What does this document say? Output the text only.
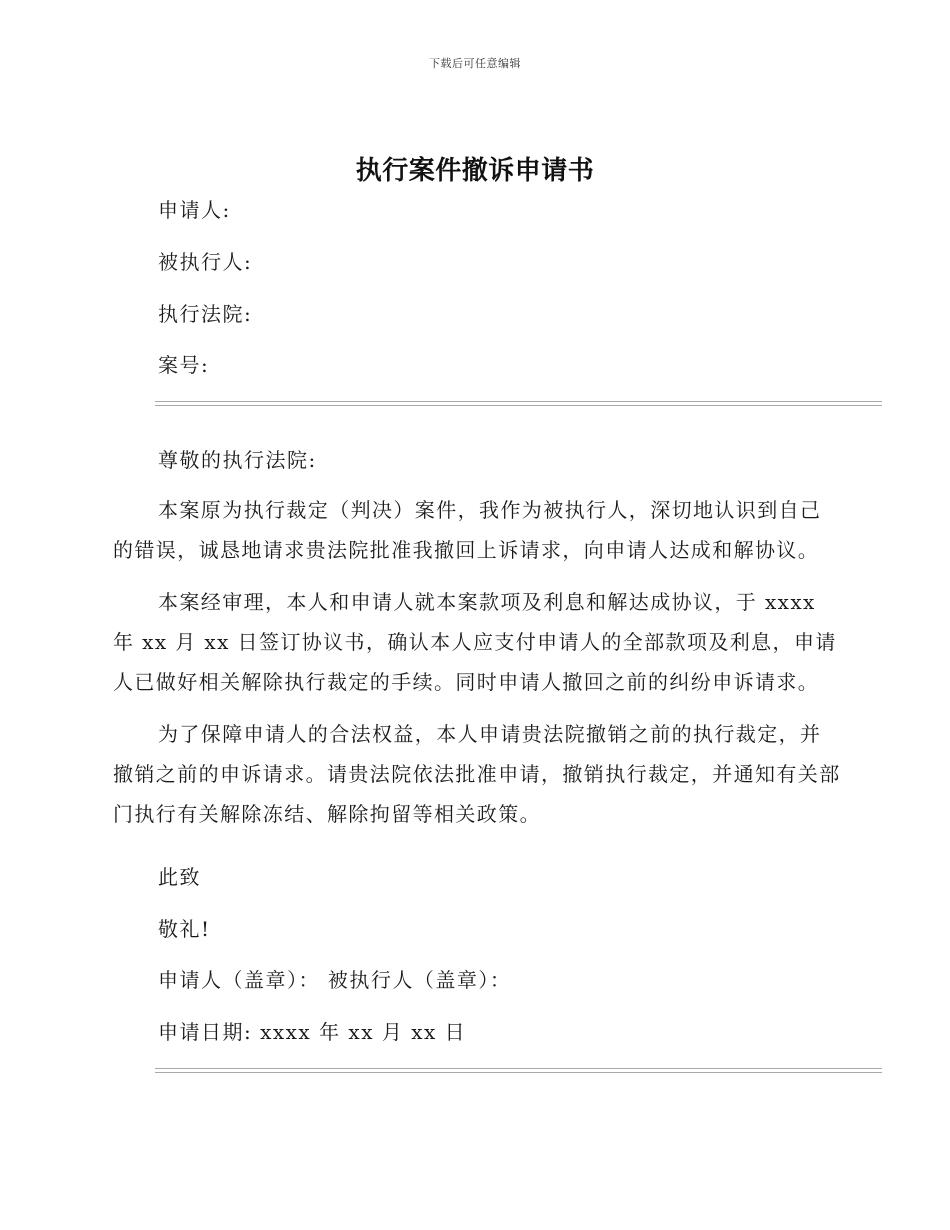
下载后可任意编辑
执行案件撤诉申请书
申请人:
被执行人:
执行法院:
案号:
尊敬的执行法院:
本案原为执行裁定（判决）案件，我作为被执行人，深切地认识到自己的错误，诚恳地请求贵法院批准我撤回上诉请求，向申请人达成和解协议。
本案经审理，本人和申请人就本案款项及利息和解达成协议，于 xxxx 年 xx 月 xx 日签订协议书，确认本人应支付申请人的全部款项及利息，申请人已做好相关解除执行裁定的手续。同时申请人撤回之前的纠纷申诉请求。
为了保障申请人的合法权益，本人申请贵法院撤销之前的执行裁定，并撤销之前的申诉请求。请贵法院依法批准申请，撤销执行裁定，并通知有关部门执行有关解除冻结、解除拘留等相关政策。
此致
敬礼!
申请人（盖章）： 被执行人（盖章）：
申请日期: xxxx 年 xx 月 xx 日
